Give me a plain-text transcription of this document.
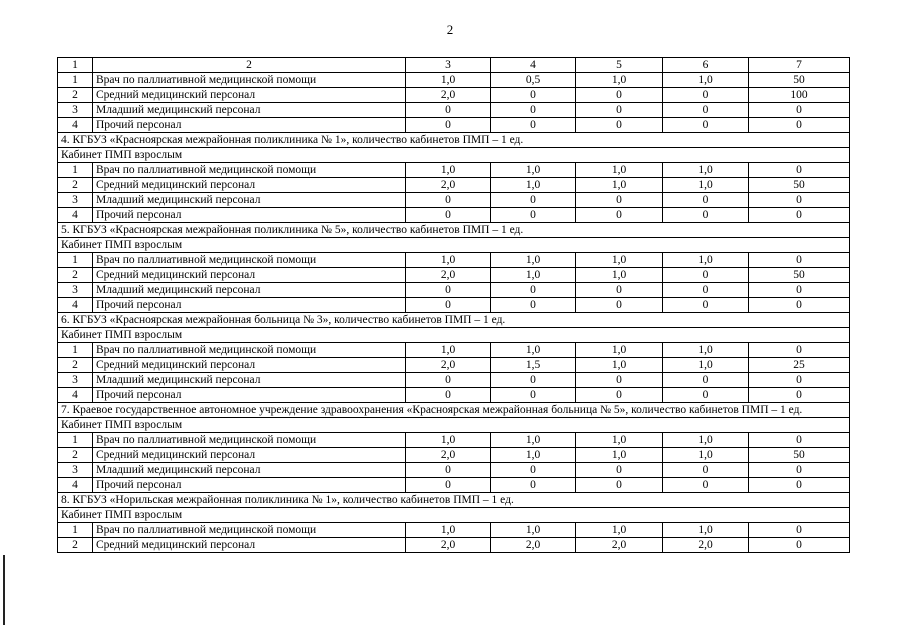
2
1	2	3	4	5	6	7
1	Врач по паллиативной медицинской помощи	1,0	0,5	1,0	1,0	50
2	Средний медицинский персонал	2,0	0	0	0	100
3	Младший медицинский персонал	0	0	0	0	0
4	Прочий персонал	0	0	0	0	0
4. КГБУЗ «Красноярская межрайонная поликлиника № 1», количество кабинетов ПМП – 1 ед.						
Кабинет ПМП взрослым						
1	Врач по паллиативной медицинской помощи	1,0	1,0	1,0	1,0	0
2	Средний медицинский персонал	2,0	1,0	1,0	1,0	50
3	Младший медицинский персонал	0	0	0	0	0
4	Прочий персонал	0	0	0	0	0
5. КГБУЗ «Красноярская межрайонная поликлиника № 5», количество кабинетов ПМП – 1 ед.						
Кабинет ПМП взрослым						
1	Врач по паллиативной медицинской помощи	1,0	1,0	1,0	1,0	0
2	Средний медицинский персонал	2,0	1,0	1,0	0	50
3	Младший медицинский персонал	0	0	0	0	0
4	Прочий персонал	0	0	0	0	0
6. КГБУЗ «Красноярская межрайонная больница № 3», количество кабинетов ПМП – 1 ед.						
Кабинет ПМП взрослым						
1	Врач по паллиативной медицинской помощи	1,0	1,0	1,0	1,0	0
2	Средний медицинский персонал	2,0	1,5	1,0	1,0	25
3	Младший медицинский персонал	0	0	0	0	0
4	Прочий персонал	0	0	0	0	0
7. Краевое государственное автономное учреждение здравоохранения «Красноярская межрайонная больница № 5», количество кабинетов ПМП – 1 ед.						
Кабинет ПМП взрослым						
1	Врач по паллиативной медицинской помощи	1,0	1,0	1,0	1,0	0
2	Средний медицинский персонал	2,0	1,0	1,0	1,0	50
3	Младший медицинский персонал	0	0	0	0	0
4	Прочий персонал	0	0	0	0	0
8. КГБУЗ «Норильская межрайонная поликлиника № 1», количество кабинетов ПМП – 1 ед.						
Кабинет ПМП взрослым						
1	Врач по паллиативной медицинской помощи	1,0	1,0	1,0	1,0	0
2	Средний медицинский персонал	2,0	2,0	2,0	2,0	0
